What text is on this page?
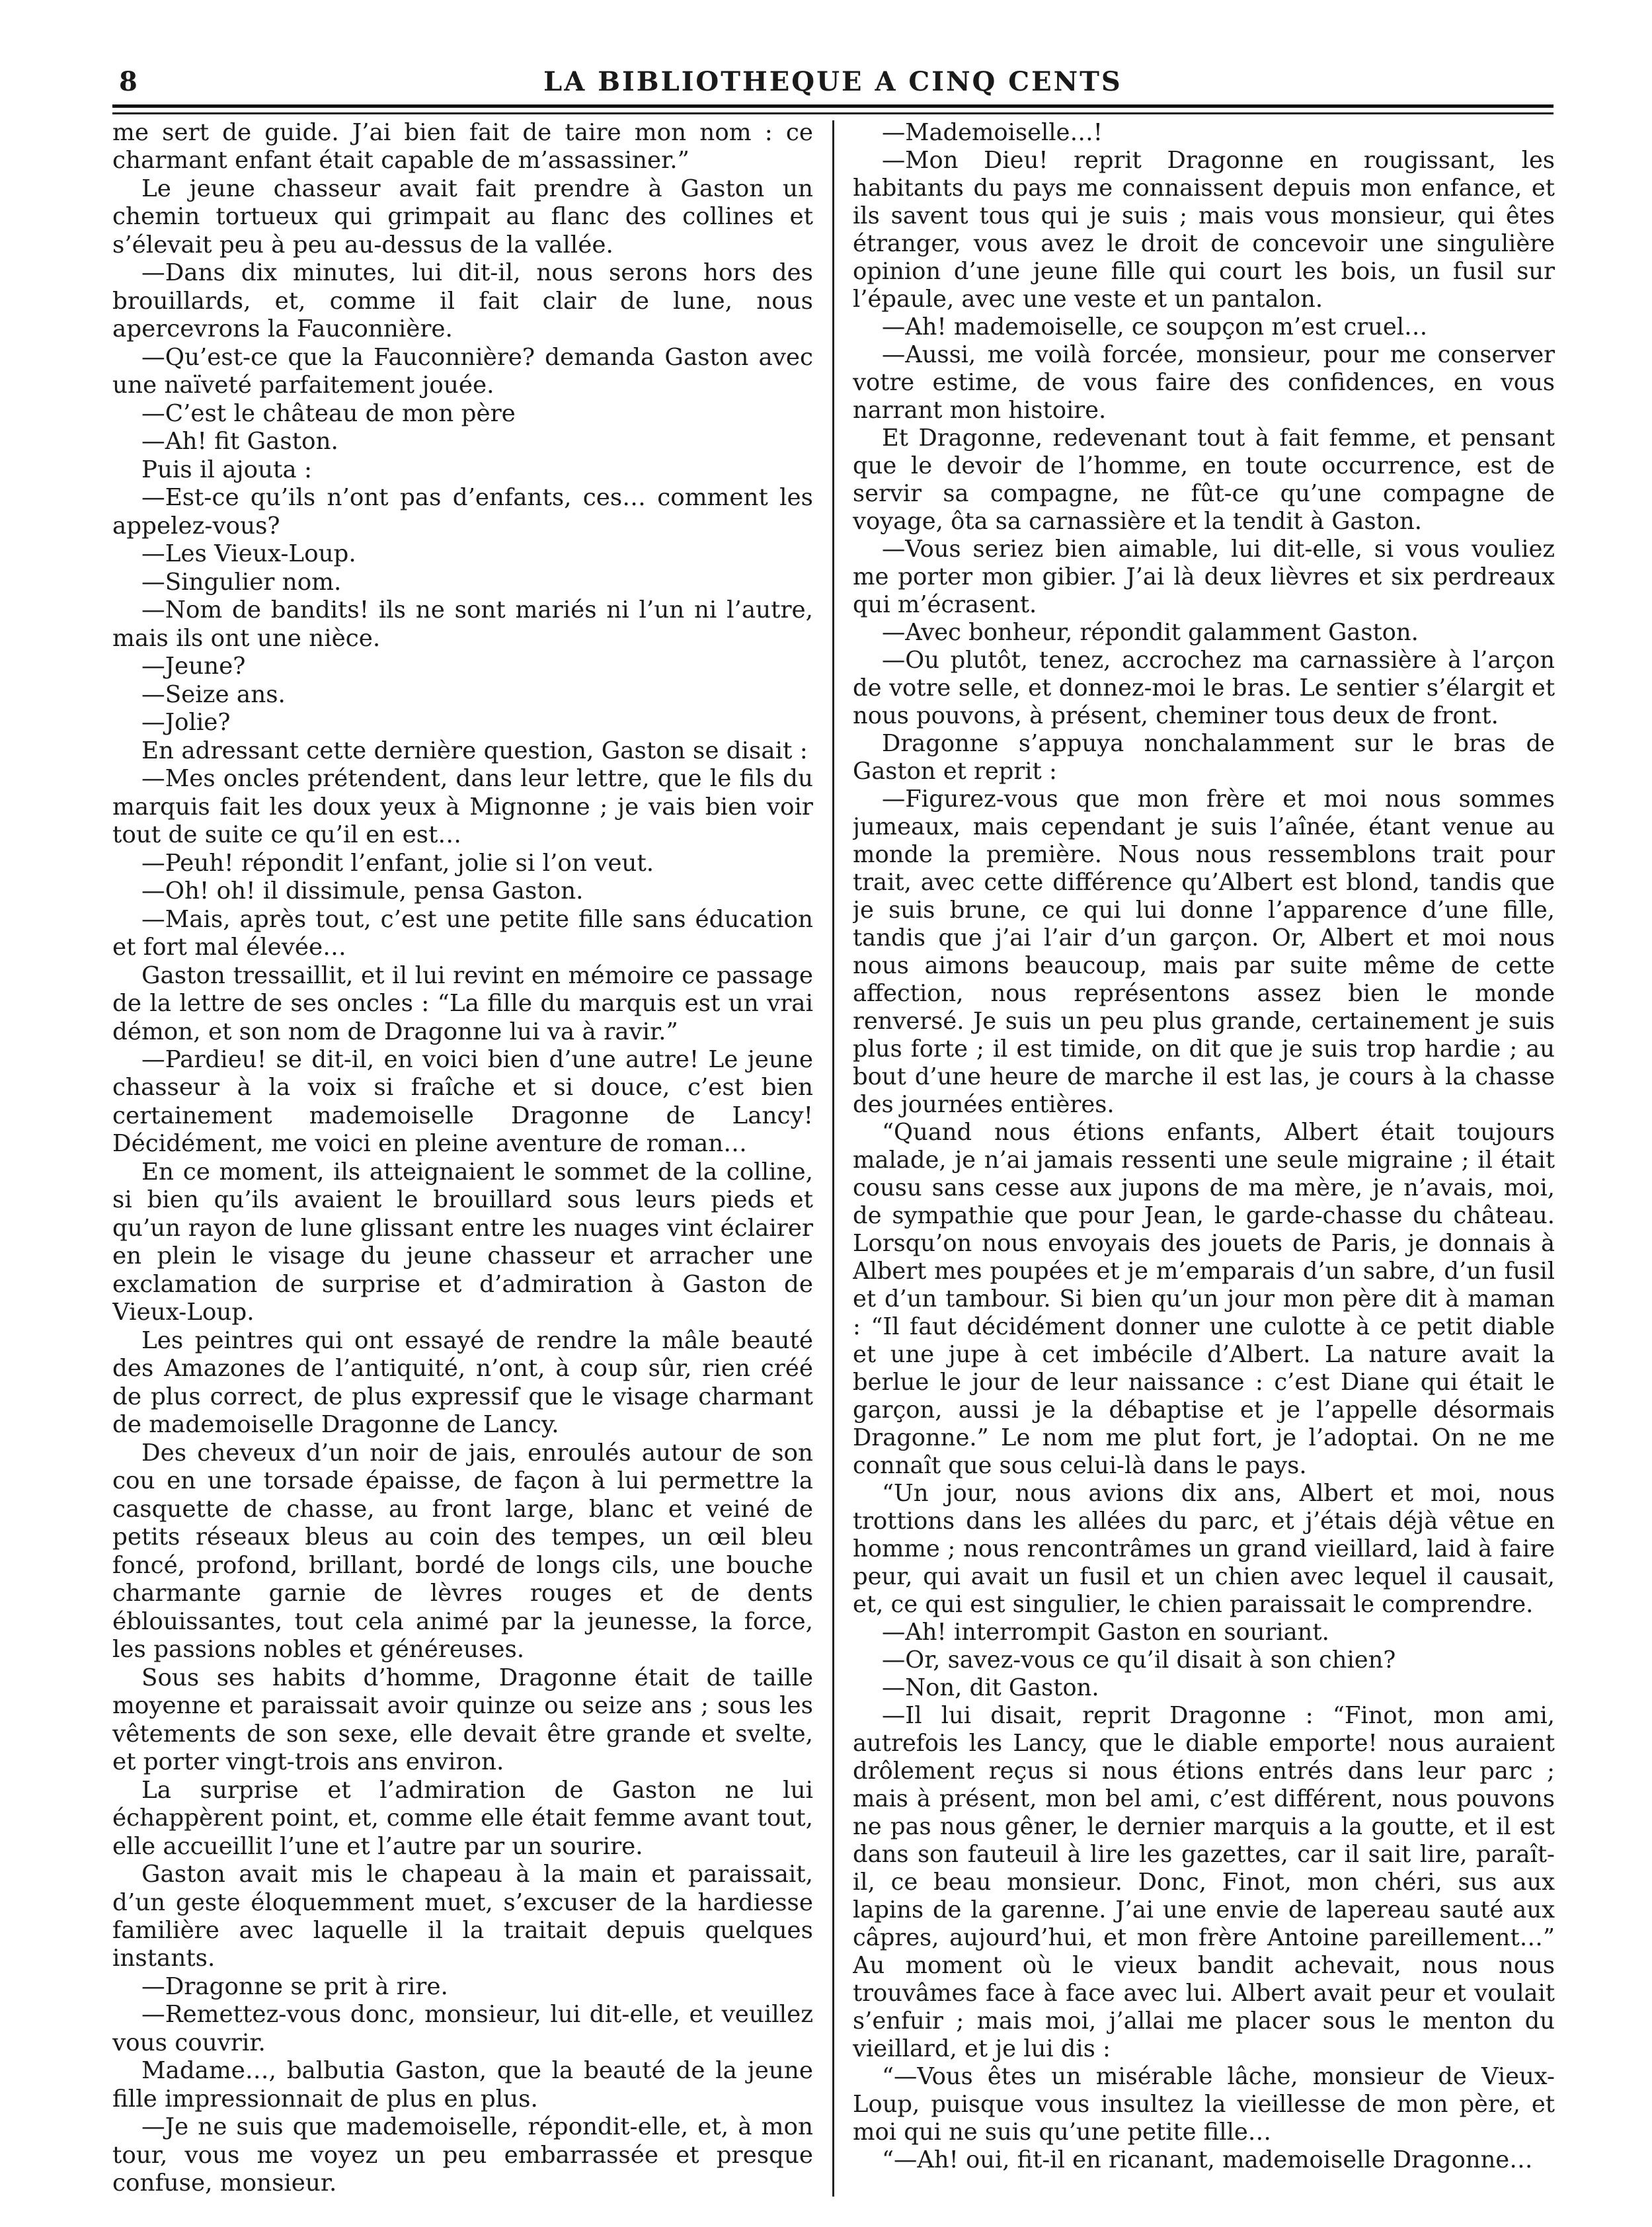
8	LA BIBLIOTHEQUE A CINQ CENTS

me sert de guide. J’ai bien fait de taire mon nom : ce charmant enfant était capable de m’assassiner.”

Le jeune chasseur avait fait prendre à Gaston un chemin tortueux qui grimpait au flanc des collines et s’élevait peu à peu au-dessus de la vallée.

—Dans dix minutes, lui dit-il, nous serons hors des brouillards, et, comme il fait clair de lune, nous apercevrons la Fauconnière.

—Qu’est-ce que la Fauconnière? demanda Gaston avec une naïveté parfaitement jouée.

—C’est le château de mon père

—Ah! fit Gaston.

Puis il ajouta :

—Est-ce qu’ils n’ont pas d’enfants, ces… comment les appelez-vous?

—Les Vieux-Loup.

—Singulier nom.

—Nom de bandits! ils ne sont mariés ni l’un ni l’autre, mais ils ont une nièce.

—Jeune?

—Seize ans.

—Jolie?

En adressant cette dernière question, Gaston se disait :

—Mes oncles prétendent, dans leur lettre, que le fils du marquis fait les doux yeux à Mignonne ; je vais bien voir tout de suite ce qu’il en est…

—Peuh! répondit l’enfant, jolie si l’on veut.

—Oh! oh! il dissimule, pensa Gaston.

—Mais, après tout, c’est une petite fille sans éducation et fort mal élevée…

Gaston tressaillit, et il lui revint en mémoire ce passage de la lettre de ses oncles : “La fille du marquis est un vrai démon, et son nom de Dragonne lui va à ravir.”

—Pardieu! se dit-il, en voici bien d’une autre! Le jeune chasseur à la voix si fraîche et si douce, c’est bien certainement mademoiselle Dragonne de Lancy! Décidément, me voici en pleine aventure de roman…

En ce moment, ils atteignaient le sommet de la colline, si bien qu’ils avaient le brouillard sous leurs pieds et qu’un rayon de lune glissant entre les nuages vint éclairer en plein le visage du jeune chasseur et arracher une exclamation de surprise et d’admiration à Gaston de Vieux-Loup.

Les peintres qui ont essayé de rendre la mâle beauté des Amazones de l’antiquité, n’ont, à coup sûr, rien créé de plus correct, de plus expressif que le visage charmant de mademoiselle Dragonne de Lancy.

Des cheveux d’un noir de jais, enroulés autour de son cou en une torsade épaisse, de façon à lui permettre la casquette de chasse, au front large, blanc et veiné de petits réseaux bleus au coin des tempes, un œil bleu foncé, profond, brillant, bordé de longs cils, une bouche charmante garnie de lèvres rouges et de dents éblouissantes, tout cela animé par la jeunesse, la force, les passions nobles et généreuses.

Sous ses habits d’homme, Dragonne était de taille moyenne et paraissait avoir quinze ou seize ans ; sous les vêtements de son sexe, elle devait être grande et svelte, et porter vingt-trois ans environ.

La surprise et l’admiration de Gaston ne lui échappèrent point, et, comme elle était femme avant tout, elle accueillit l’une et l’autre par un sourire.

Gaston avait mis le chapeau à la main et paraissait, d’un geste éloquemment muet, s’excuser de la hardiesse familière avec laquelle il la traitait depuis quelques instants.

—Dragonne se prit à rire.

—Remettez-vous donc, monsieur, lui dit-elle, et veuillez vous couvrir.

Madame…, balbutia Gaston, que la beauté de la jeune fille impressionnait de plus en plus.

—Je ne suis que mademoiselle, répondit-elle, et, à mon tour, vous me voyez un peu embarrassée et presque confuse, monsieur.

—Mademoiselle…!

—Mon Dieu! reprit Dragonne en rougissant, les habitants du pays me connaissent depuis mon enfance, et ils savent tous qui je suis ; mais vous monsieur, qui êtes étranger, vous avez le droit de concevoir une singulière opinion d’une jeune fille qui court les bois, un fusil sur l’épaule, avec une veste et un pantalon.

—Ah! mademoiselle, ce soupçon m’est cruel…

—Aussi, me voilà forcée, monsieur, pour me conserver votre estime, de vous faire des confidences, en vous narrant mon histoire.

Et Dragonne, redevenant tout à fait femme, et pensant que le devoir de l’homme, en toute occurrence, est de servir sa compagne, ne fût-ce qu’une compagne de voyage, ôta sa carnassière et la tendit à Gaston.

—Vous seriez bien aimable, lui dit-elle, si vous vouliez me porter mon gibier. J’ai là deux lièvres et six perdreaux qui m’écrasent.

—Avec bonheur, répondit galamment Gaston.

—Ou plutôt, tenez, accrochez ma carnassière à l’arçon de votre selle, et donnez-moi le bras. Le sentier s’élargit et nous pouvons, à présent, cheminer tous deux de front.

Dragonne s’appuya nonchalamment sur le bras de Gaston et reprit :

—Figurez-vous que mon frère et moi nous sommes jumeaux, mais cependant je suis l’aînée, étant venue au monde la première. Nous nous ressemblons trait pour trait, avec cette différence qu’Albert est blond, tandis que je suis brune, ce qui lui donne l’apparence d’une fille, tandis que j’ai l’air d’un garçon. Or, Albert et moi nous nous aimons beaucoup, mais par suite même de cette affection, nous représentons assez bien le monde renversé. Je suis un peu plus grande, certainement je suis plus forte ; il est timide, on dit que je suis trop hardie ; au bout d’une heure de marche il est las, je cours à la chasse des journées entières.

“Quand nous étions enfants, Albert était toujours malade, je n’ai jamais ressenti une seule migraine ; il était cousu sans cesse aux jupons de ma mère, je n’avais, moi, de sympathie que pour Jean, le garde-chasse du château. Lorsqu’on nous envoyais des jouets de Paris, je donnais à Albert mes poupées et je m’emparais d’un sabre, d’un fusil et d’un tambour. Si bien qu’un jour mon père dit à maman : “Il faut décidément donner une culotte à ce petit diable et une jupe à cet imbécile d’Albert. La nature avait la berlue le jour de leur naissance : c’est Diane qui était le garçon, aussi je la débaptise et je l’appelle désormais Dragonne.” Le nom me plut fort, je l’adoptai. On ne me connaît que sous celui-là dans le pays.

“Un jour, nous avions dix ans, Albert et moi, nous trottions dans les allées du parc, et j’étais déjà vêtue en homme ; nous rencontrâmes un grand vieillard, laid à faire peur, qui avait un fusil et un chien avec lequel il causait, et, ce qui est singulier, le chien paraissait le comprendre.

—Ah! interrompit Gaston en souriant.

—Or, savez-vous ce qu’il disait à son chien?

—Non, dit Gaston.

—Il lui disait, reprit Dragonne : “Finot, mon ami, autrefois les Lancy, que le diable emporte! nous auraient drôlement reçus si nous étions entrés dans leur parc ; mais à présent, mon bel ami, c’est différent, nous pouvons ne pas nous gêner, le dernier marquis a la goutte, et il est dans son fauteuil à lire les gazettes, car il sait lire, paraît-il, ce beau monsieur. Donc, Finot, mon chéri, sus aux lapins de la garenne. J’ai une envie de lapereau sauté aux câpres, aujourd’hui, et mon frère Antoine pareillement…” Au moment où le vieux bandit achevait, nous nous trouvâmes face à face avec lui. Albert avait peur et voulait s’enfuir ; mais moi, j’allai me placer sous le menton du vieillard, et je lui dis :

“—Vous êtes un misérable lâche, monsieur de Vieux-Loup, puisque vous insultez la vieillesse de mon père, et moi qui ne suis qu’une petite fille…

“—Ah! oui, fit-il en ricanant, mademoiselle Dragonne…
